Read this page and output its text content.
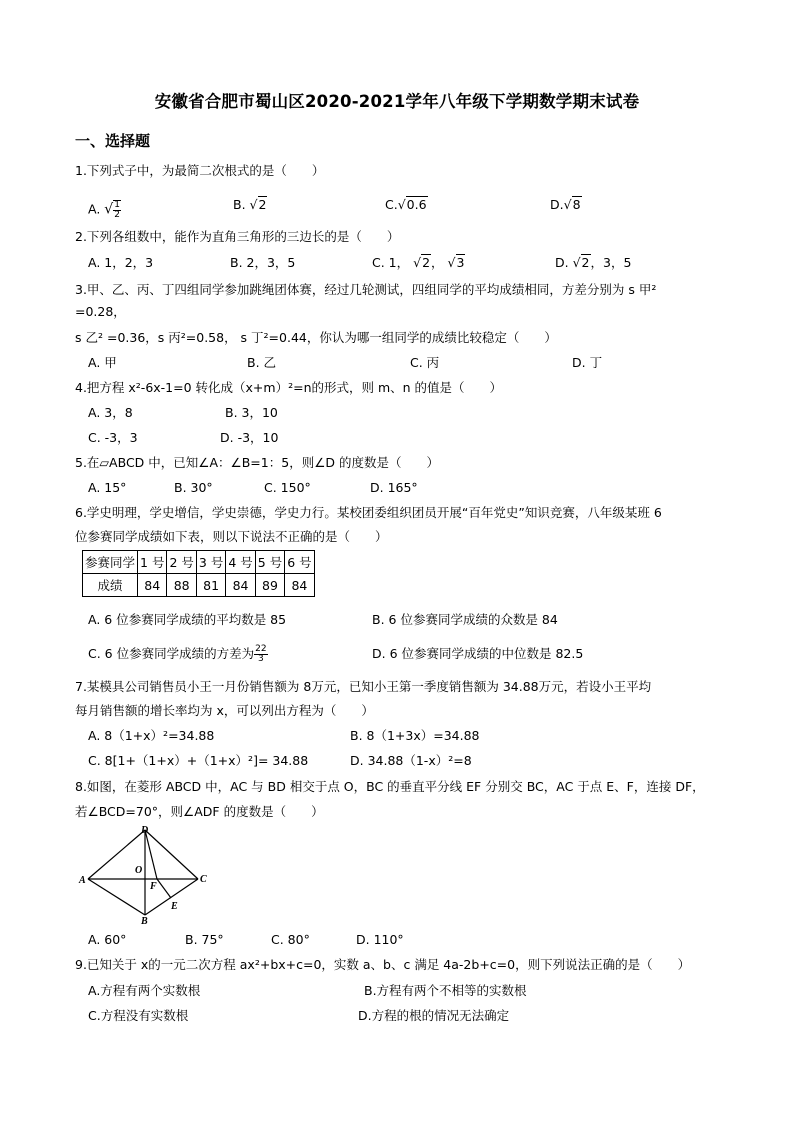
安徽省合肥市蜀山区2020-2021学年八年级下学期数学期末试卷
一、选择题
1.下列式子中，为最简二次根式的是（　　）
A. √ $\frac{1}{2}$	B. √2	C.√0.6	D.√8
2.下列各组数中，能作为直角三角形的三边长的是（　　）
A. 1，2，3	B. 2，3，5	C. 1， √2， √3	D. √2，3，5
3.甲、乙、丙、丁四组同学参加跳绳团体赛，经过几轮测试，四组同学的平均成绩相同，方差分别为 s 甲²
=0.28，
s 乙² =0.36，s 丙²=0.58， s 丁²=0.44，你认为哪一组同学的成绩比较稳定（　　）
A. 甲	B. 乙	C. 丙	D. 丁
4.把方程 x²-6x-1=0 转化成（x+m）²=n的形式，则 m、n 的值是（　　）
A. 3，8	B. 3，10
C. -3，3	D. -3，10
5.在▱ABCD 中，已知∠A：∠B=1：5，则∠D 的度数是（　　）
A. 15°	B. 30°	C. 150°	D. 165°
6.学史明理，学史增信，学史崇德，学史力行。某校团委组织团员开展“百年党史”知识竞赛，八年级某班 6
位参赛同学成绩如下表，则以下说法不正确的是（　　）
参赛同学	1 号	2 号	3 号	4 号	5 号	6 号
成绩	84	88	81	84	89	84
A. 6 位参赛同学成绩的平均数是 85	B. 6 位参赛同学成绩的众数是 84
C. 6 位参赛同学成绩的方差为 $\frac{22}{3}$	D. 6 位参赛同学成绩的中位数是 82.5
7.某模具公司销售员小王一月份销售额为 8万元，已知小王第一季度销售额为 34.88万元，若设小王平均
每月销售额的增长率均为 x，可以列出方程为（　　）
A. 8（1+x）²=34.88	B. 8（1+3x）=34.88
C. 8[1+（1+x）+（1+x）²]= 34.88	D. 34.88（1-x）²=8
8.如图，在菱形 ABCD 中，AC 与 BD 相交于点 O，BC 的垂直平分线 EF 分别交 BC，AC 于点 E、F，连接 DF，
若∠BCD=70°，则∠ADF 的度数是（　　）
D
A	C
B
O
F
E
A. 60°	B. 75°	C. 80°	D. 110°
9.已知关于 x的一元二次方程 ax²+bx+c=0，实数 a、b、c 满足 4a-2b+c=0，则下列说法正确的是（　　）
A.方程有两个实数根	B.方程有两个不相等的实数根
C.方程没有实数根	D.方程的根的情况无法确定
